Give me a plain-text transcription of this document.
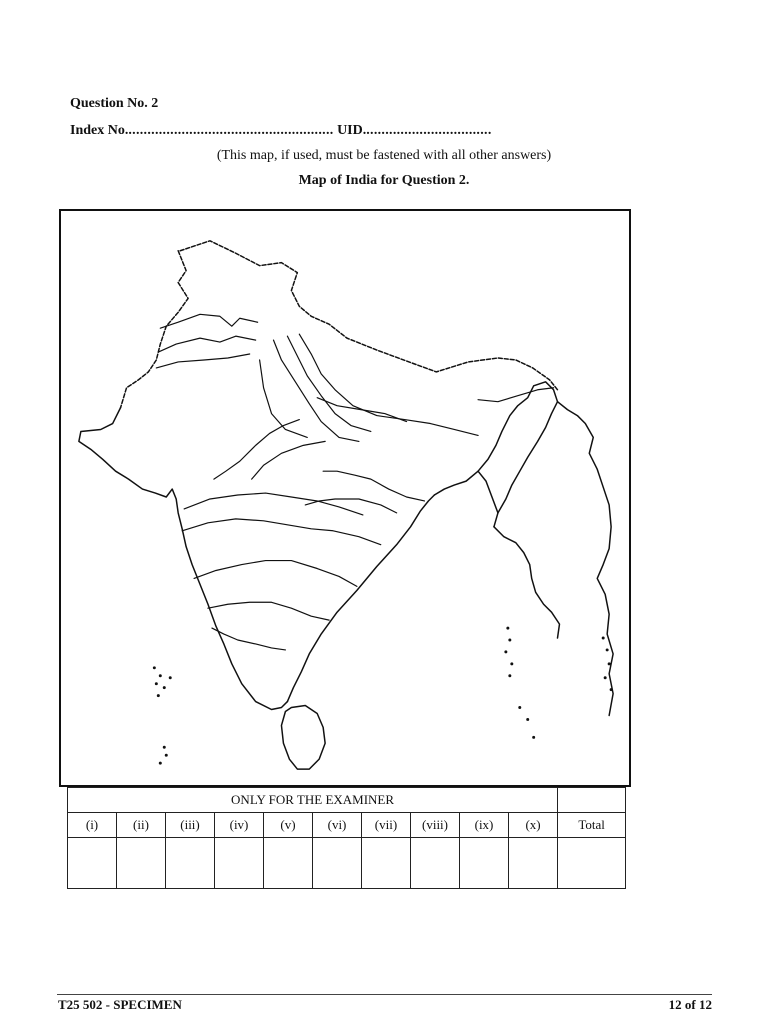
Question No. 2
Index No....................................................... UID..................................
(This map, if used, must be fastened with all other answers)
Map of India for Question 2.
ONLY FOR THE EXAMINER										
(i)	(ii)	(iii)	(iv)	(v)	(vi)	(vii)	(viii)	(ix)	(x)	Total

T25 502 - SPECIMEN	12 of 12
